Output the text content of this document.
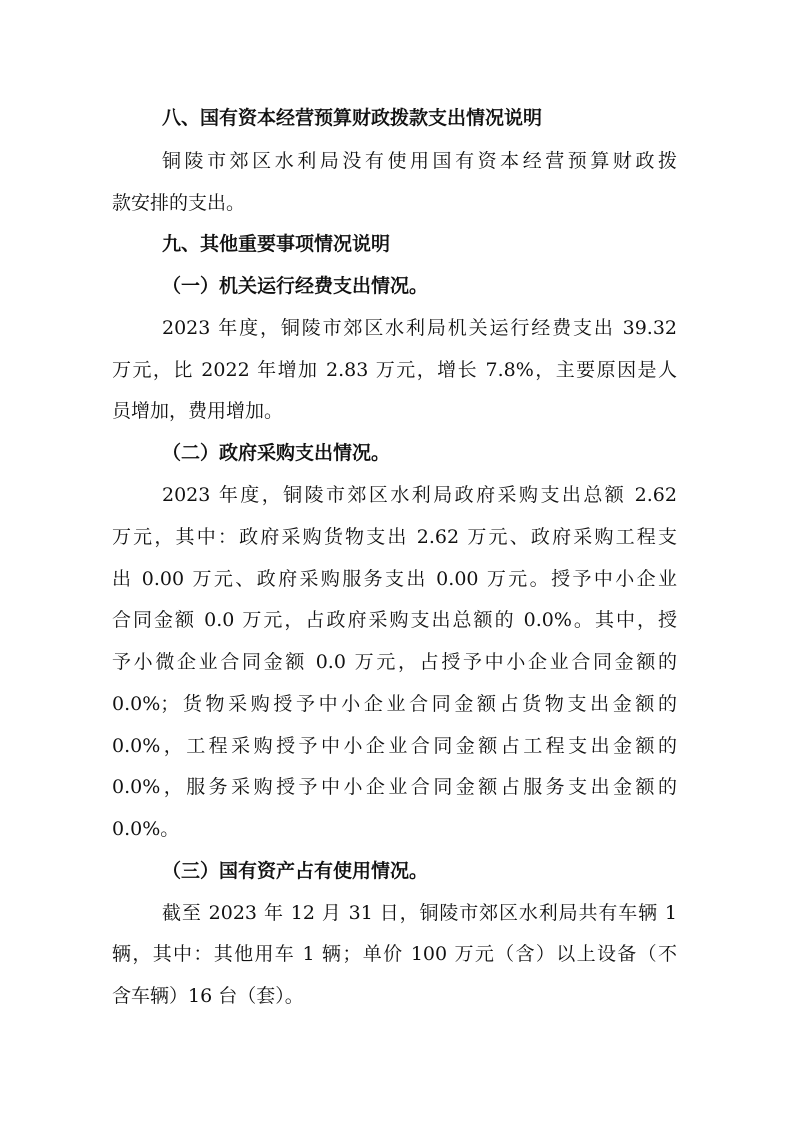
八、国有资本经营预算财政拨款支出情况说明
铜陵市郊区水利局没有使用国有资本经营预算财政拨
款安排的支出。
九、其他重要事项情况说明
（一）机关运行经费支出情况。
2023 年度，铜陵市郊区水利局机关运行经费支出 39.32
万元，比 2022 年增加 2.83 万元，增长 7.8%，主要原因是人
员增加，费用增加。
（二）政府采购支出情况。
2023 年度，铜陵市郊区水利局政府采购支出总额 2.62
万元，其中：政府采购货物支出 2.62 万元、政府采购工程支
出 0.00 万元、政府采购服务支出 0.00 万元。授予中小企业
合同金额 0.0 万元，占政府采购支出总额的 0.0%。其中，授
予小微企业合同金额 0.0 万元，占授予中小企业合同金额的
0.0%；货物采购授予中小企业合同金额占货物支出金额的
0.0%，工程采购授予中小企业合同金额占工程支出金额的
0.0%，服务采购授予中小企业合同金额占服务支出金额的
0.0%。
（三）国有资产占有使用情况。
截至 2023 年 12 月 31 日，铜陵市郊区水利局共有车辆 1
辆，其中：其他用车 1 辆；单价 100 万元（含）以上设备（不
含车辆）16 台（套）。
